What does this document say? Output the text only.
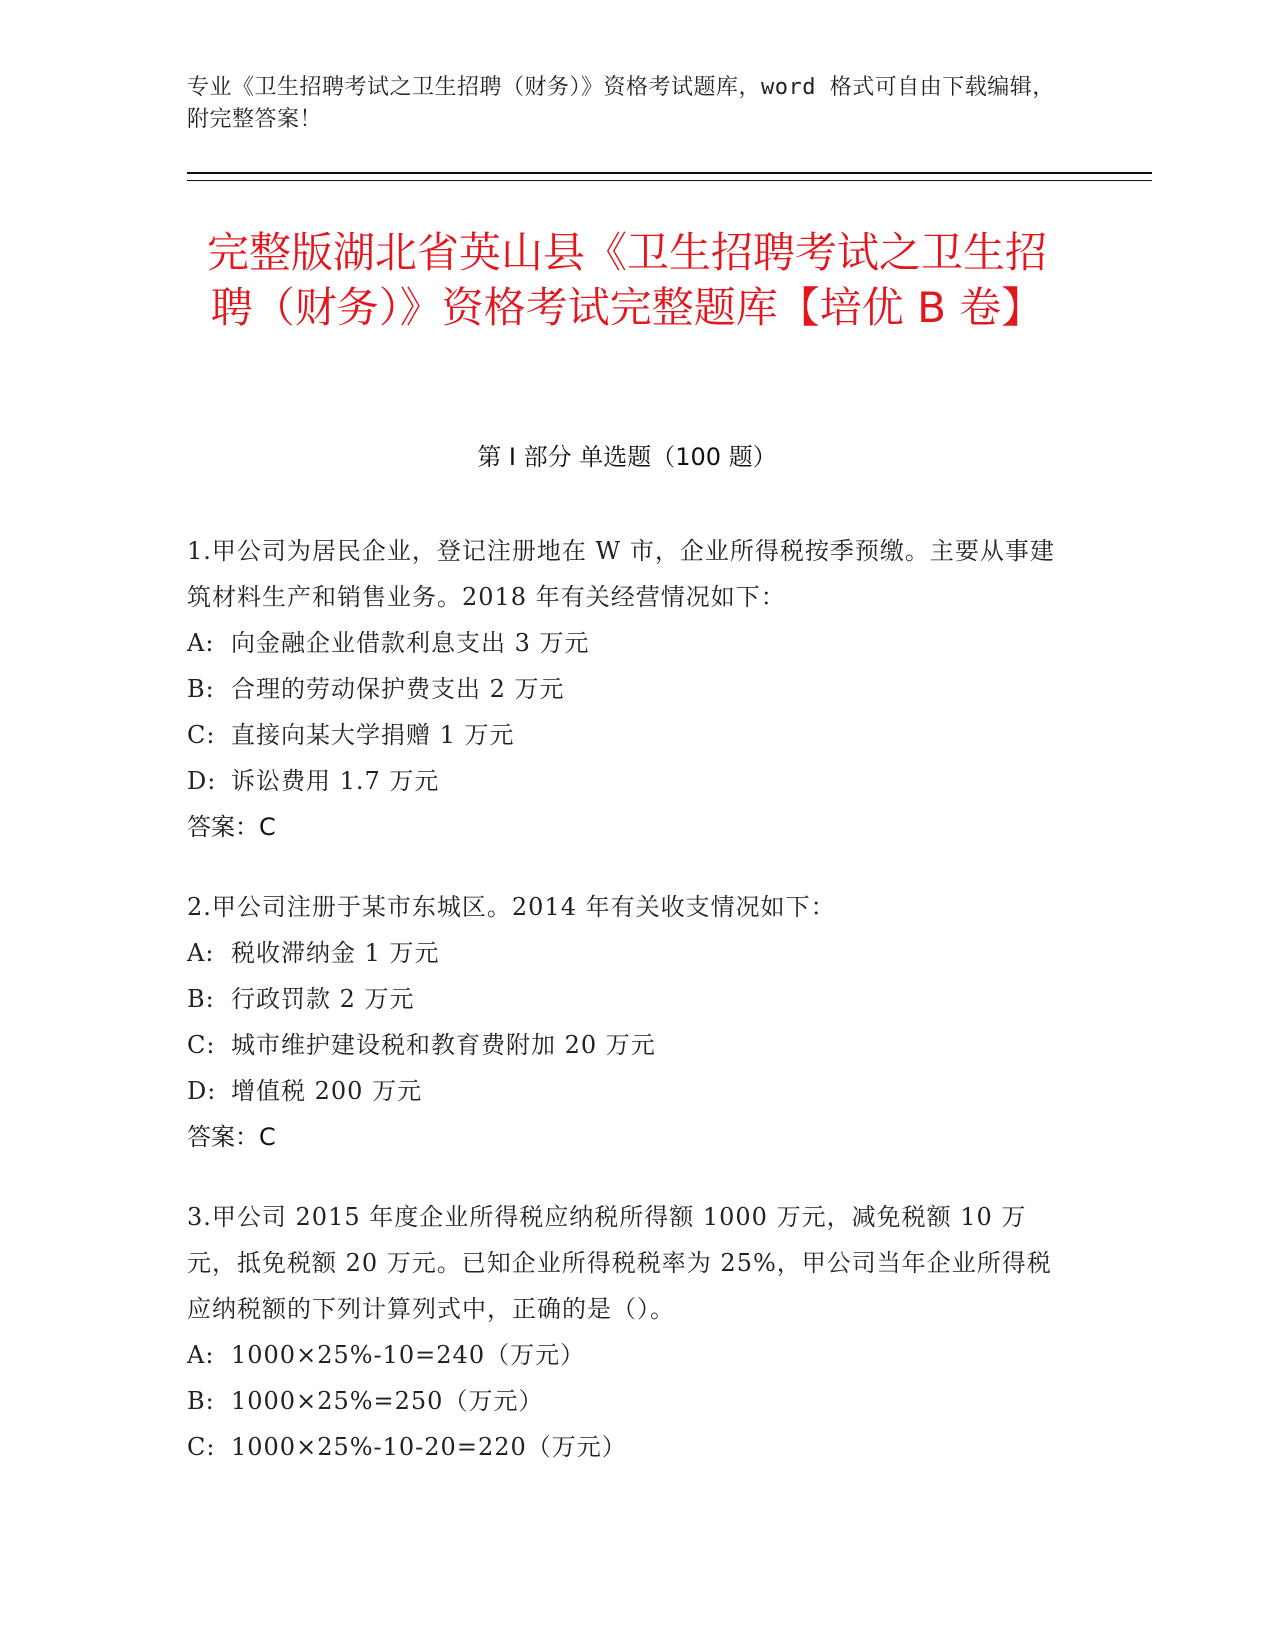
专业《卫生招聘考试之卫生招聘（财务）》资格考试题库，word 格式可自由下载编辑，附完整答案！
完整版湖北省英山县《卫生招聘考试之卫生招聘（财务）》资格考试完整题库【培优 B 卷】
第 I 部分 单选题（100 题）
1.甲公司为居民企业，登记注册地在 W 市，企业所得税按季预缴。主要从事建筑材料生产和销售业务。2018 年有关经营情况如下：
A: 向金融企业借款利息支出 3 万元
B: 合理的劳动保护费支出 2 万元
C: 直接向某大学捐赠 1 万元
D: 诉讼费用 1.7 万元
答案：C
2.甲公司注册于某市东城区。2014 年有关收支情况如下：
A: 税收滞纳金 1 万元
B: 行政罚款 2 万元
C: 城市维护建设税和教育费附加 20 万元
D: 增值税 200 万元
答案：C
3.甲公司 2015 年度企业所得税应纳税所得额 1000 万元，减免税额 10 万元，抵免税额 20 万元。已知企业所得税税率为 25%，甲公司当年企业所得税应纳税额的下列计算列式中，正确的是（）。
A: 1000×25%-10=240（万元）
B: 1000×25%=250（万元）
C: 1000×25%-10-20=220（万元）
